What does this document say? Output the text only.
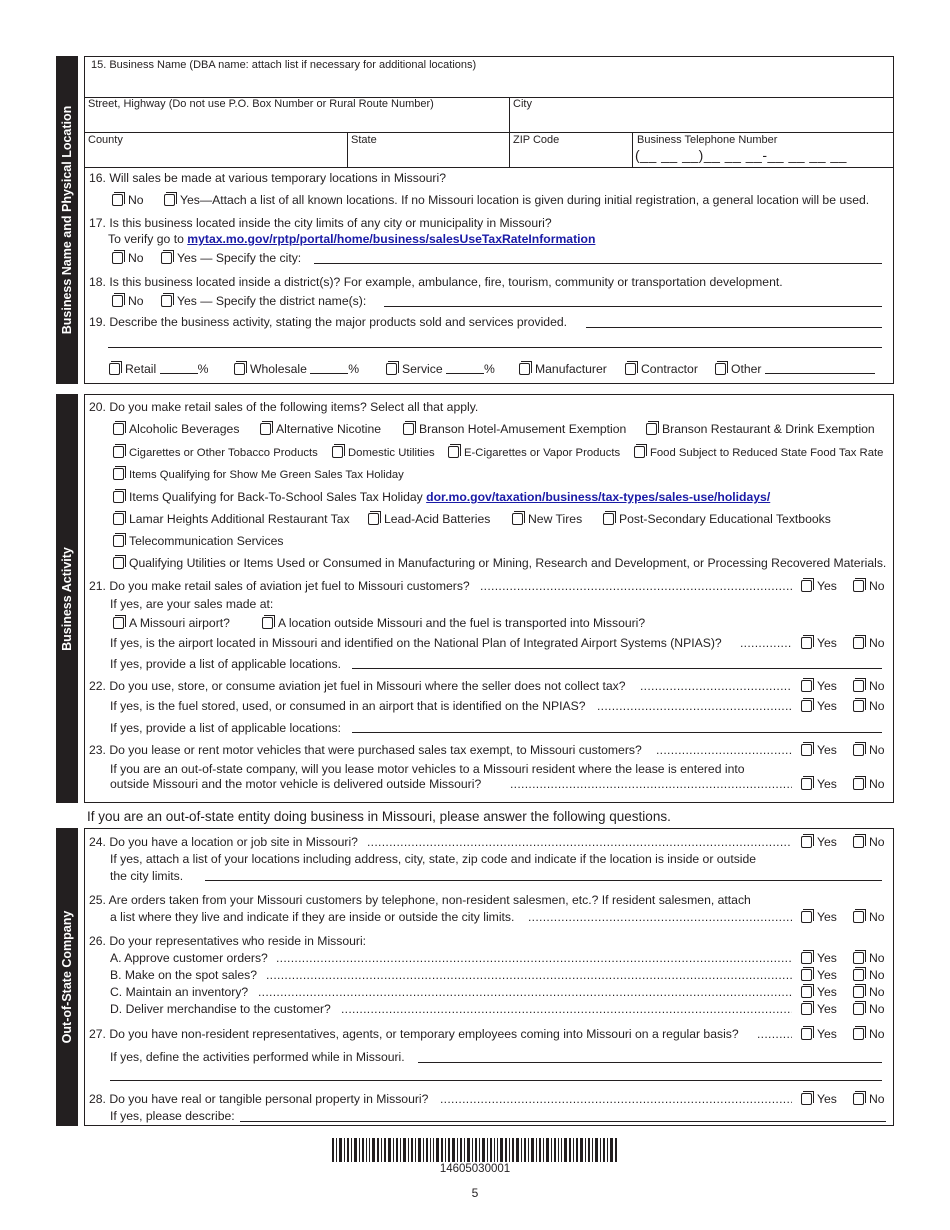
Business Name and Physical Location
15. Business Name (DBA name: attach list if necessary for additional locations)
Street, Highway (Do not use P.O. Box Number or Rural Route Number)	City
County	State	ZIP Code	Business Telephone Number
(__ __ __)__ __ __-__ __ __ __
16. Will sales be made at various temporary locations in Missouri?
No	Yes—Attach a list of all known locations. If no Missouri location is given during initial registration, a general location will be used.
17. Is this business located inside the city limits of any city or municipality in Missouri?
To verify go to mytax.mo.gov/rptp/portal/home/business/salesUseTaxRateInformation
No	Yes — Specify the city:
18. Is this business located inside a district(s)? For example, ambulance, fire, tourism, community or transportation development.
No	Yes — Specify the district name(s):
19. Describe the business activity, stating the major products sold and services provided.
Retail	%	Wholesale	%	Service	%	Manufacturer	Contractor	Other
Business Activity
20. Do you make retail sales of the following items? Select all that apply.
Alcoholic Beverages	Alternative Nicotine	Branson Hotel-Amusement Exemption	Branson Restaurant & Drink Exemption
Cigarettes or Other Tobacco Products	Domestic Utilities	E-Cigarettes or Vapor Products	Food Subject to Reduced State Food Tax Rate
Items Qualifying for Show Me Green Sales Tax Holiday
Items Qualifying for Back-To-School Sales Tax Holiday dor.mo.gov/taxation/business/tax-types/sales-use/holidays/
Lamar Heights Additional Restaurant Tax	Lead-Acid Batteries	New Tires	Post-Secondary Educational Textbooks
Telecommunication Services
Qualifying Utilities or Items Used or Consumed in Manufacturing or Mining, Research and Development, or Processing Recovered Materials.
21. Do you make retail sales of aviation jet fuel to Missouri customers? .....	Yes	No
If yes, are your sales made at:
A Missouri airport?	A location outside Missouri and the fuel is transported into Missouri?
If yes, is the airport located in Missouri and identified on the National Plan of Integrated Airport Systems (NPIAS)? .....	Yes	No
If yes, provide a list of applicable locations.
22. Do you use, store, or consume aviation jet fuel in Missouri where the seller does not collect tax? .....	Yes	No
If yes, is the fuel stored, used, or consumed in an airport that is identified on the NPIAS? .....	Yes	No
If yes, provide a list of applicable locations:
23. Do you lease or rent motor vehicles that were purchased sales tax exempt, to Missouri customers? .....	Yes	No
If you are an out-of-state company, will you lease motor vehicles to a Missouri resident where the lease is entered into
outside Missouri and the motor vehicle is delivered outside Missouri? .....	Yes	No
If you are an out-of-state entity doing business in Missouri, please answer the following questions.
Out-of-State Company
24. Do you have a location or job site in Missouri? .....	Yes	No
If yes, attach a list of your locations including address, city, state, zip code and indicate if the location is inside or outside
the city limits.
25. Are orders taken from your Missouri customers by telephone, non-resident salesmen, etc.? If resident salesmen, attach
a list where they live and indicate if they are inside or outside the city limits. .....	Yes	No
26. Do your representatives who reside in Missouri:
A. Approve customer orders? .....	Yes	No
B. Make on the spot sales? .....	Yes	No
C. Maintain an inventory? .....	Yes	No
D. Deliver merchandise to the customer? .....	Yes	No
27. Do you have non-resident representatives, agents, or temporary employees coming into Missouri on a regular basis? .....	Yes	No
If yes, define the activities performed while in Missouri.
28. Do you have real or tangible personal property in Missouri? .....	Yes	No
If yes, please describe:
14605030001
5
